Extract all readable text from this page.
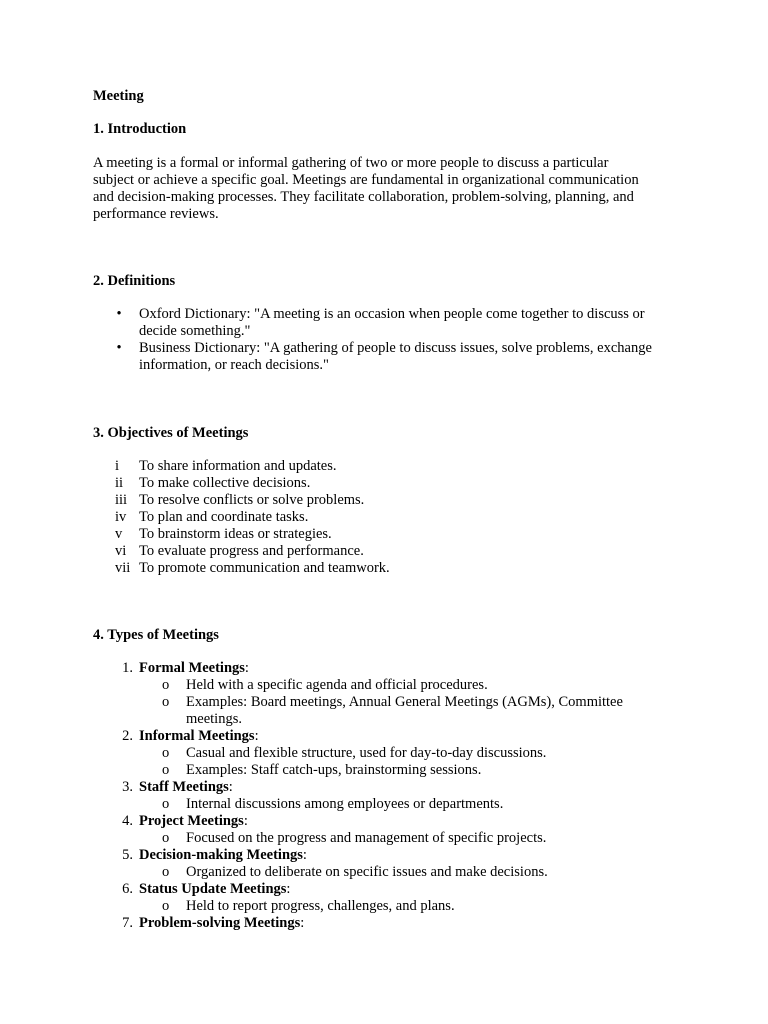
Meeting
1. Introduction

A meeting is a formal or informal gathering of two or more people to discuss a particular subject or achieve a specific goal. Meetings are fundamental in organizational communication and decision-making processes. They facilitate collaboration, problem-solving, planning, and performance reviews.

2. Definitions
• Oxford Dictionary: "A meeting is an occasion when people come together to discuss or decide something."
• Business Dictionary: "A gathering of people to discuss issues, solve problems, exchange information, or reach decisions."
3. Objectives of Meetings
i To share information and updates.
ii To make collective decisions.
iii To resolve conflicts or solve problems.
iv To plan and coordinate tasks.
v To brainstorm ideas or strategies.
vi To evaluate progress and performance.
vii To promote communication and teamwork.
4. Types of Meetings
1. Formal Meetings:
o Held with a specific agenda and official procedures.
o Examples: Board meetings, Annual General Meetings (AGMs), Committee meetings.
2. Informal Meetings:
o Casual and flexible structure, used for day-to-day discussions.
o Examples: Staff catch-ups, brainstorming sessions.
3. Staff Meetings:
o Internal discussions among employees or departments.
4. Project Meetings:
o Focused on the progress and management of specific projects.
5. Decision-making Meetings:
o Organized to deliberate on specific issues and make decisions.
6. Status Update Meetings:
o Held to report progress, challenges, and plans.
7. Problem-solving Meetings:
